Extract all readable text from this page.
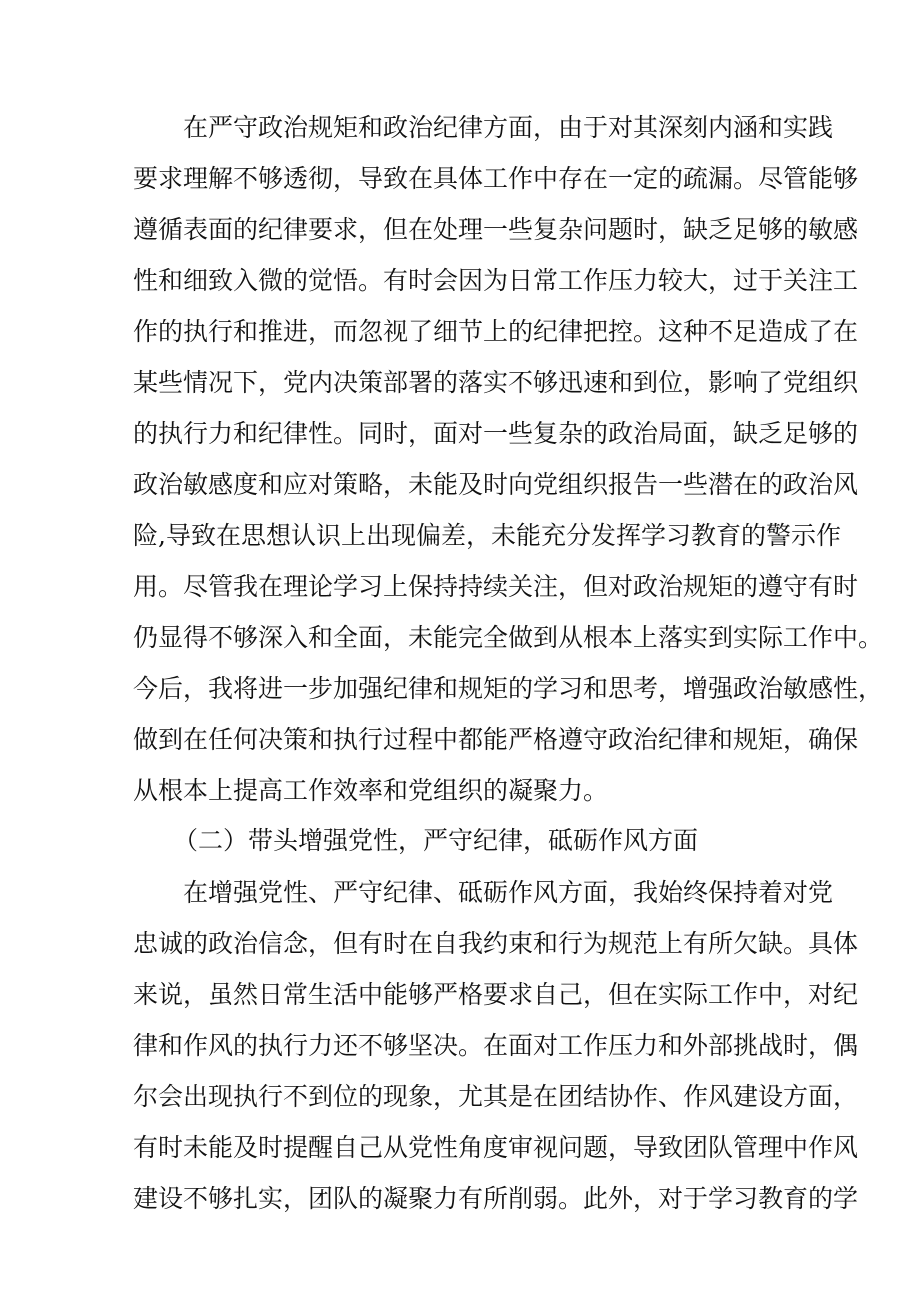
在严守政治规矩和政治纪律方面，由于对其深刻内涵和实践
要求理解不够透彻，导致在具体工作中存在一定的疏漏。尽管能够
遵循表面的纪律要求，但在处理一些复杂问题时，缺乏足够的敏感
性和细致入微的觉悟。有时会因为日常工作压力较大，过于关注工
作的执行和推进，而忽视了细节上的纪律把控。这种不足造成了在
某些情况下，党内决策部署的落实不够迅速和到位，影响了党组织
的执行力和纪律性。同时，面对一些复杂的政治局面，缺乏足够的
政治敏感度和应对策略，未能及时向党组织报告一些潜在的政治风
险,导致在思想认识上出现偏差，未能充分发挥学习教育的警示作
用。尽管我在理论学习上保持持续关注，但对政治规矩的遵守有时
仍显得不够深入和全面，未能完全做到从根本上落实到实际工作中。
今后，我将进一步加强纪律和规矩的学习和思考，增强政治敏感性，
做到在任何决策和执行过程中都能严格遵守政治纪律和规矩，确保
从根本上提高工作效率和党组织的凝聚力。
（二）带头增强党性，严守纪律，砥砺作风方面
在增强党性、严守纪律、砥砺作风方面，我始终保持着对党
忠诚的政治信念，但有时在自我约束和行为规范上有所欠缺。具体
来说，虽然日常生活中能够严格要求自己，但在实际工作中，对纪
律和作风的执行力还不够坚决。在面对工作压力和外部挑战时，偶
尔会出现执行不到位的现象，尤其是在团结协作、作风建设方面，
有时未能及时提醒自己从党性角度审视问题，导致团队管理中作风
建设不够扎实，团队的凝聚力有所削弱。此外，对于学习教育的学
